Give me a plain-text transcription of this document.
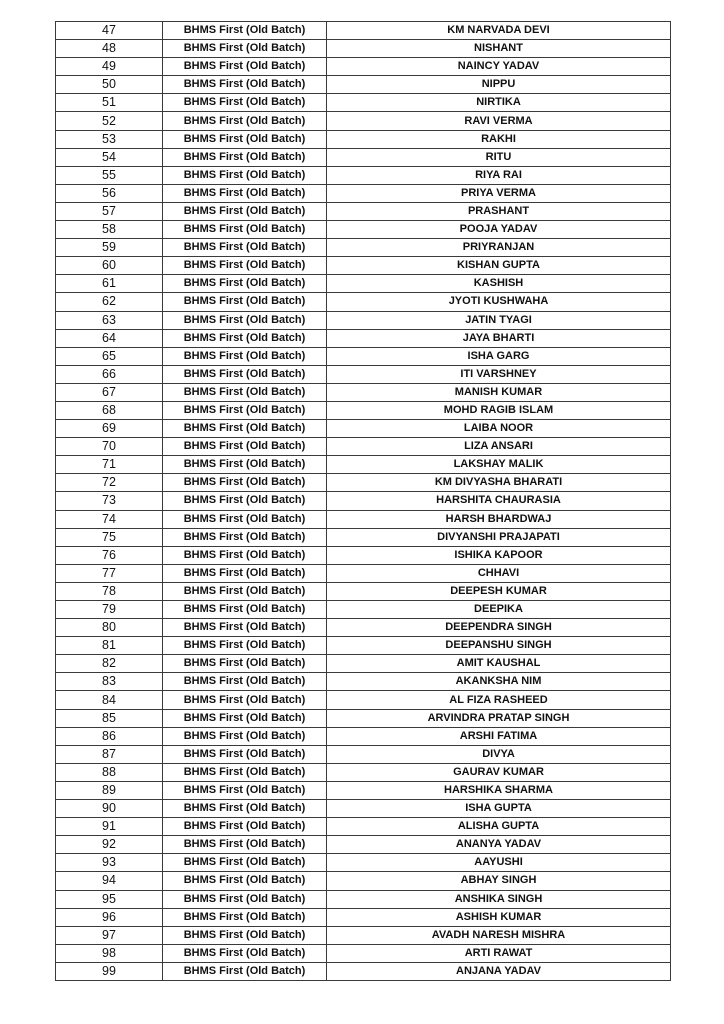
47	BHMS First (Old Batch)	KM NARVADA DEVI
48	BHMS First (Old Batch)	NISHANT
49	BHMS First (Old Batch)	NAINCY YADAV
50	BHMS First (Old Batch)	NIPPU
51	BHMS First (Old Batch)	NIRTIKA
52	BHMS First (Old Batch)	RAVI VERMA
53	BHMS First (Old Batch)	RAKHI
54	BHMS First (Old Batch)	RITU
55	BHMS First (Old Batch)	RIYA RAI
56	BHMS First (Old Batch)	PRIYA VERMA
57	BHMS First (Old Batch)	PRASHANT
58	BHMS First (Old Batch)	POOJA YADAV
59	BHMS First (Old Batch)	PRIYRANJAN
60	BHMS First (Old Batch)	KISHAN GUPTA
61	BHMS First (Old Batch)	KASHISH
62	BHMS First (Old Batch)	JYOTI KUSHWAHA
63	BHMS First (Old Batch)	JATIN TYAGI
64	BHMS First (Old Batch)	JAYA BHARTI
65	BHMS First (Old Batch)	ISHA GARG
66	BHMS First (Old Batch)	ITI VARSHNEY
67	BHMS First (Old Batch)	MANISH KUMAR
68	BHMS First (Old Batch)	MOHD RAGIB ISLAM
69	BHMS First (Old Batch)	LAIBA NOOR
70	BHMS First (Old Batch)	LIZA ANSARI
71	BHMS First (Old Batch)	LAKSHAY MALIK
72	BHMS First (Old Batch)	KM DIVYASHA BHARATI
73	BHMS First (Old Batch)	HARSHITA CHAURASIA
74	BHMS First (Old Batch)	HARSH BHARDWAJ
75	BHMS First (Old Batch)	DIVYANSHI PRAJAPATI
76	BHMS First (Old Batch)	ISHIKA KAPOOR
77	BHMS First (Old Batch)	CHHAVI
78	BHMS First (Old Batch)	DEEPESH KUMAR
79	BHMS First (Old Batch)	DEEPIKA
80	BHMS First (Old Batch)	DEEPENDRA SINGH
81	BHMS First (Old Batch)	DEEPANSHU SINGH
82	BHMS First (Old Batch)	AMIT KAUSHAL
83	BHMS First (Old Batch)	AKANKSHA NIM
84	BHMS First (Old Batch)	AL FIZA RASHEED
85	BHMS First (Old Batch)	ARVINDRA PRATAP SINGH
86	BHMS First (Old Batch)	ARSHI FATIMA
87	BHMS First (Old Batch)	DIVYA
88	BHMS First (Old Batch)	GAURAV KUMAR
89	BHMS First (Old Batch)	HARSHIKA SHARMA
90	BHMS First (Old Batch)	ISHA GUPTA
91	BHMS First (Old Batch)	ALISHA GUPTA
92	BHMS First (Old Batch)	ANANYA YADAV
93	BHMS First (Old Batch)	AAYUSHI
94	BHMS First (Old Batch)	ABHAY SINGH
95	BHMS First (Old Batch)	ANSHIKA SINGH
96	BHMS First (Old Batch)	ASHISH KUMAR
97	BHMS First (Old Batch)	AVADH NARESH MISHRA
98	BHMS First (Old Batch)	ARTI RAWAT
99	BHMS First (Old Batch)	ANJANA YADAV
